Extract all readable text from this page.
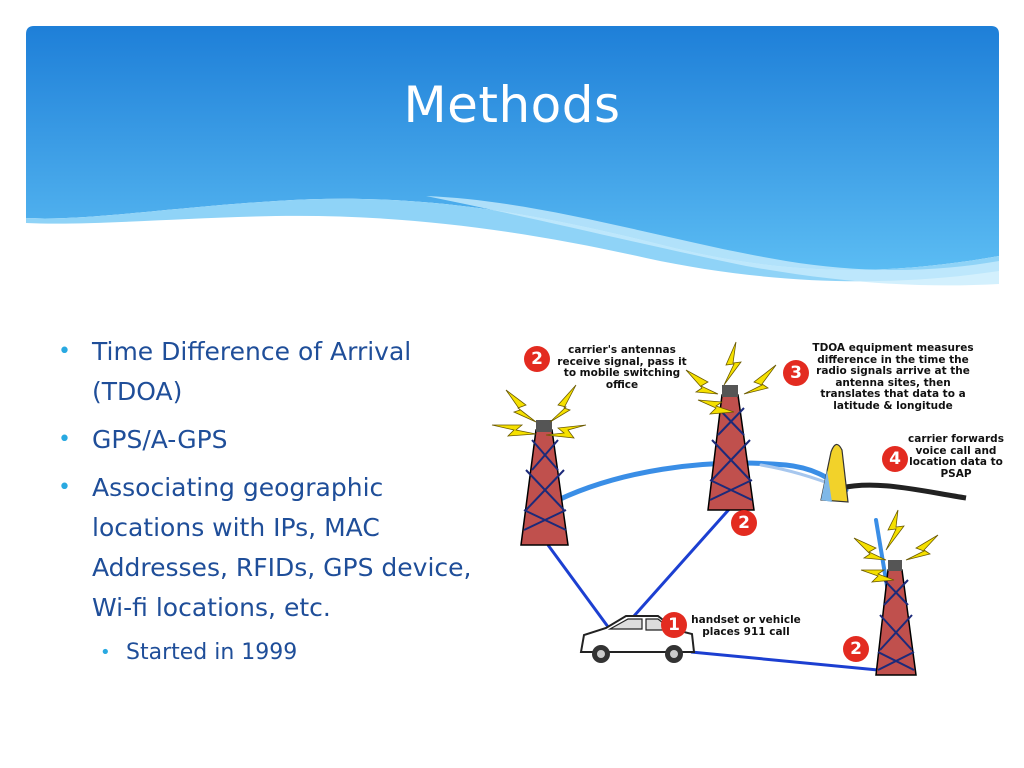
Methods
• Time Difference of Arrival (TDOA)
• GPS/A-GPS
• Associating geographic locations with IPs, MAC Addresses, RFIDs, GPS device, Wi-fi locations, etc.
• Started in 1999
2	carrier's antennas receive signal, pass it to mobile switching office
3
TDOA equipment measures difference in the time the radio signals arrive at the antenna sites, then translates that data to a latitude & longitude
4
carrier forwards voice call and location data to PSAP
1	handset or vehicle places 911 call
2
2
